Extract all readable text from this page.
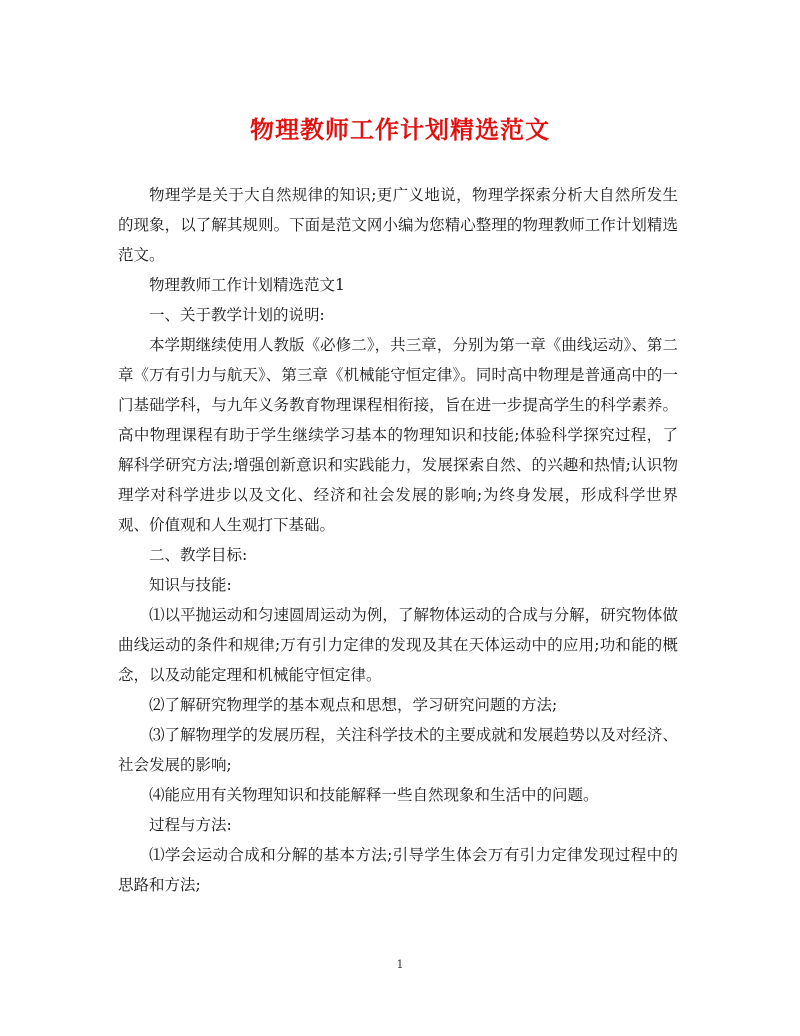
物理教师工作计划精选范文

物理学是关于大自然规律的知识;更广义地说，物理学探索分析大自然所发生的现象，以了解其规则。下面是范文网小编为您精心整理的物理教师工作计划精选范文。

物理教师工作计划精选范文1

一、关于教学计划的说明:

本学期继续使用人教版《必修二》，共三章，分别为第一章《曲线运动》、第二章《万有引力与航天》、第三章《机械能守恒定律》。同时高中物理是普通高中的一门基础学科，与九年义务教育物理课程相衔接，旨在进一步提高学生的科学素养。高中物理课程有助于学生继续学习基本的物理知识和技能;体验科学探究过程，了解科学研究方法;增强创新意识和实践能力，发展探索自然、的兴趣和热情;认识物理学对科学进步以及文化、经济和社会发展的影响;为终身发展，形成科学世界观、价值观和人生观打下基础。

二、教学目标:

知识与技能:

⑴以平抛运动和匀速圆周运动为例，了解物体运动的合成与分解，研究物体做曲线运动的条件和规律;万有引力定律的发现及其在天体运动中的应用;功和能的概念，以及动能定理和机械能守恒定律。

⑵了解研究物理学的基本观点和思想，学习研究问题的方法;

⑶了解物理学的发展历程，关注科学技术的主要成就和发展趋势以及对经济、社会发展的影响;

⑷能应用有关物理知识和技能解释一些自然现象和生活中的问题。

过程与方法:

⑴学会运动合成和分解的基本方法;引导学生体会万有引力定律发现过程中的思路和方法;

1
